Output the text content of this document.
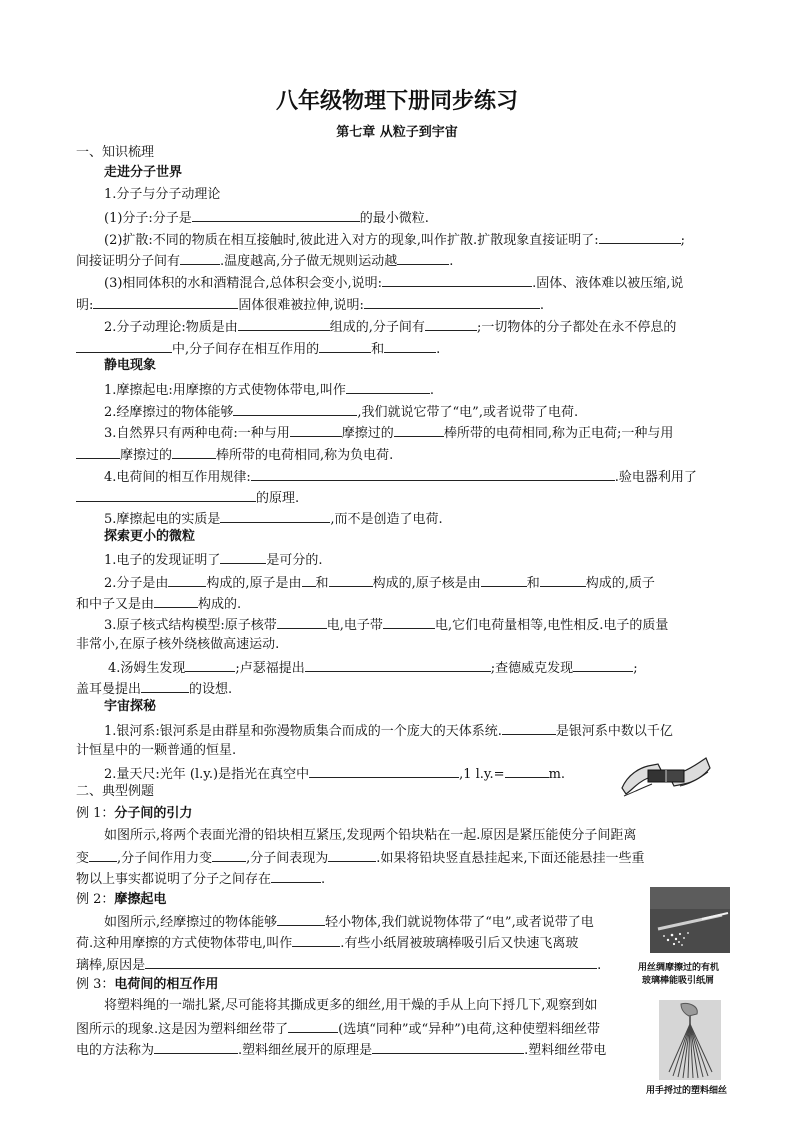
八年级物理下册同步练习
第七章 从粒子到宇宙
一、知识梳理
走进分子世界
1.分子与分子动理论
(1)分子:分子是	的最小微粒.
(2)扩散:不同的物质在相互接触时,彼此进入对方的现象,叫作扩散.扩散现象直接证明了:	;
间接证明分子间有	.温度越高,分子做无规则运动越	.
(3)相同体积的水和酒精混合,总体积会变小,说明:	.固体、液体难以被压缩,说
明:	固体很难被拉伸,说明:	.
2.分子动理论:物质是由	组成的,分子间有	;一切物体的分子都处在永不停息的
中,分子间存在相互作用的	和	.
静电现象
1.摩擦起电:用摩擦的方式使物体带电,叫作	.
2.经摩擦过的物体能够	,我们就说它带了“电”,或者说带了电荷.
3.自然界只有两种电荷:一种与用	摩擦过的	棒所带的电荷相同,称为正电荷;一种与用
摩擦过的	棒所带的电荷相同,称为负电荷.
4.电荷间的相互作用规律:	.验电器利用了
的原理.
5.摩擦起电的实质是	,而不是创造了电荷.
探索更小的微粒
1.电子的发现证明了	是可分的.
2.分子是由	构成的,原子是由 和	构成的,原子核是由	和	构成的,质子
和中子又是由	构成的.
3.原子核式结构模型:原子核带	电,电子带	电,它们电荷量相等,电性相反.电子的质量
非常小,在原子核外绕核做高速运动.
4.汤姆生发现	;卢瑟福提出	;查德威克发现	;
盖耳曼提出	的设想.
宇宙探秘
1.银河系:银河系是由群星和弥漫物质集合而成的一个庞大的天体系统.	是银河系中数以千亿
计恒星中的一颗普通的恒星.
2.量天尺:光年 (l.y.)是指光在真空中	,1 l.y.=	m.
二、典型例题
例 1：分子间的引力
如图所示,将两个表面光滑的铅块相互紧压,发现两个铅块粘在一起.原因是紧压能使分子间距离
变 ,分子间作用力变	,分子间表现为	.如果将铅块竖直悬挂起来,下面还能悬挂一些重
物以上事实都说明了分子之间存在	.
例 2：摩擦起电
如图所示,经摩擦过的物体能够	轻小物体,我们就说物体带了“电”,或者说带了电
荷.这种用摩擦的方式使物体带电,叫作	.有些小纸屑被玻璃棒吸引后又快速飞离玻
璃棒,原因是	.
例 3：电荷间的相互作用
将塑料绳的一端扎紧,尽可能将其撕成更多的细丝,用干燥的手从上向下捋几下,观察到如
图所示的现象.这是因为塑料细丝带了	(选填“同种”或“异种”)电荷,这种使塑料细丝带
电的方法称为	.塑料细丝展开的原理是	.塑料细丝带电
用丝绸摩擦过的有机
玻璃棒能吸引纸屑
用手捋过的塑料细丝
